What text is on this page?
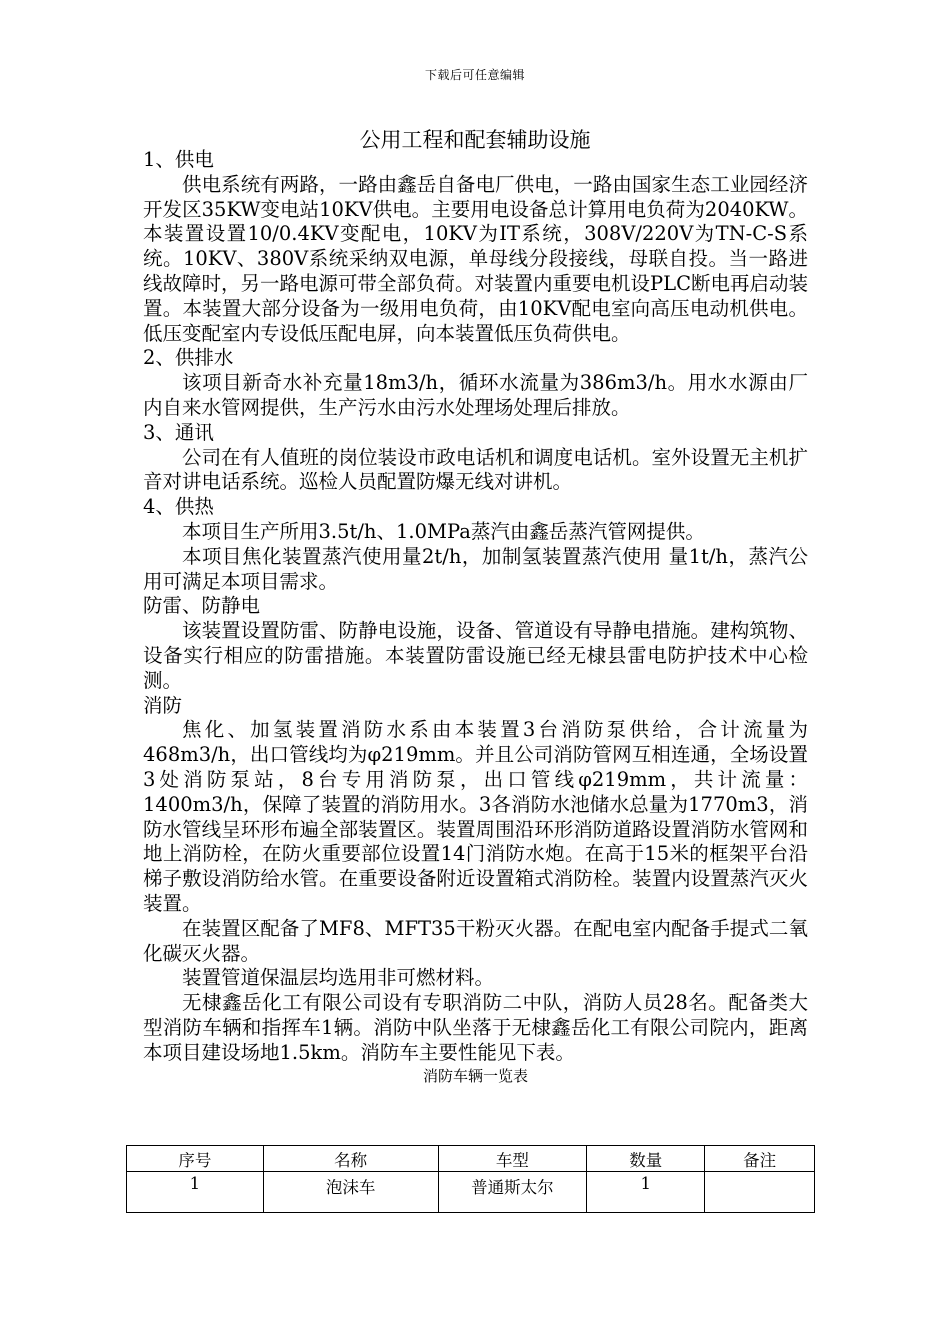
下载后可任意编辑
公用工程和配套辅助设施
1、供电

供电系统有两路，一路由鑫岳自备电厂供电，一路由国家生态工业园经济开发区35KW变电站10KV供电。主要用电设备总计算用电负荷为2040KW。本装置设置10/0.4KV变配电，10KV为IT系统，308V/220V为TN-C-S系统。10KV、380V系统采纳双电源，单母线分段接线，母联自投。当一路进线故障时，另一路电源可带全部负荷。对装置内重要电机设PLC断电再启动装置。本装置大部分设备为一级用电负荷，由10KV配电室向高压电动机供电。低压变配室内专设低压配电屏，向本装置低压负荷供电。

2、供排水

该项目新奇水补充量18m3/h，循环水流量为386m3/h。用水水源由厂内自来水管网提供，生产污水由污水处理场处理后排放。

3、通讯

公司在有人值班的岗位装设市政电话机和调度电话机。室外设置无主机扩音对讲电话系统。巡检人员配置防爆无线对讲机。

4、供热

本项目生产所用3.5t/h、1.0MPa蒸汽由鑫岳蒸汽管网提供。

本项目焦化装置蒸汽使用量2t/h，加制氢装置蒸汽使用 量1t/h，蒸汽公用可满足本项目需求。

防雷、防静电

该装置设置防雷、防静电设施，设备、管道设有导静电措施。建构筑物、设备实行相应的防雷措施。本装置防雷设施已经无棣县雷电防护技术中心检测。

消防

焦化、加氢装置消防水系由本装置3台消防泵供给，合计流量为468m3/h，出口管线均为φ219mm。并且公司消防管网互相连通，全场设置3处消防泵站，8台专用消防泵，出口管线φ219mm，共计流量：1400m3/h，保障了装置的消防用水。3各消防水池储水总量为1770m3，消防水管线呈环形布遍全部装置区。装置周围沿环形消防道路设置消防水管网和地上消防栓，在防火重要部位设置14门消防水炮。在高于15米的框架平台沿梯子敷设消防给水管。在重要设备附近设置箱式消防栓。装置内设置蒸汽灭火装置。

在装置区配备了MF8、MFT35干粉灭火器。在配电室内配备手提式二氧化碳灭火器。

装置管道保温层均选用非可燃材料。

无棣鑫岳化工有限公司设有专职消防二中队，消防人员28名。配备类大型消防车辆和指挥车1辆。消防中队坐落于无棣鑫岳化工有限公司院内，距离本项目建设场地1.5km。消防车主要性能见下表。

消防车辆一览表
序号	名称	车型	数量	备注
1	泡沫车	普通斯太尔	1	
